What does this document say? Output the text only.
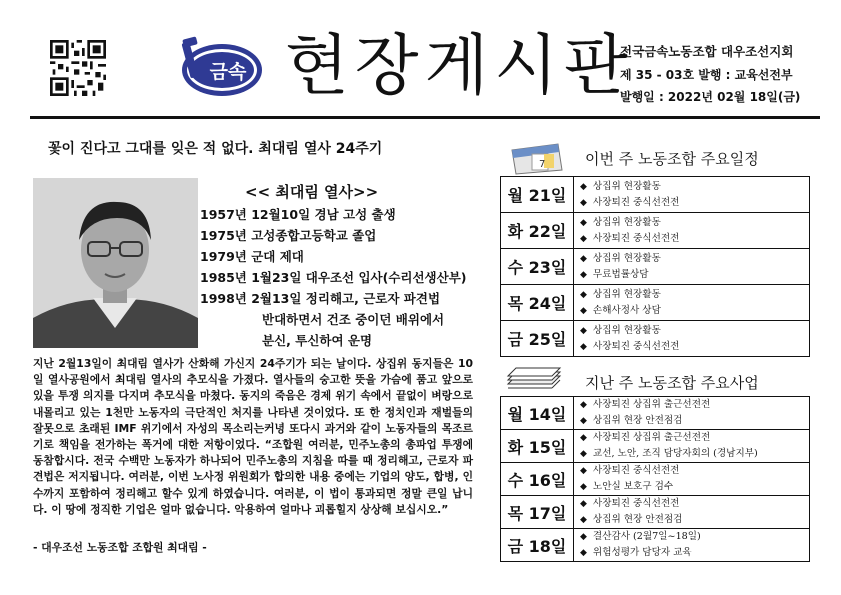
금속 현장게시판
전국금속노동조합 대우조선지회
제 35 - 03호 발행 : 교육선전부
발행일 : 2022년 02월 18일(금)
꽃이 진다고 그대를 잊은 적 없다. 최대림 열사 24주기
<< 최대림 열사>>
1957년 12월10일 경남 고성 출생
1975년 고성종합고등학교 졸업
1979년 군대 제대
1985년 1월23일 대우조선 입사(수리선생산부)
1998년 2월13일 정리해고, 근로자 파견법
반대하면서 건조 중이던 배위에서
분신, 투신하여 운명
지난 2월13일이 최대림 열사가 산화해 가신지 24주기가 되는 날이다. 상집위 동지들은 10일 열사공원에서 최대림 열사의 추모식을 가졌다. 열사들의 숭고한 뜻을 가슴에 품고 앞으로 있을 투쟁 의지를 다지며 추모식을 마쳤다. 동지의 죽음은 경제 위기 속에서 끝없이 벼랑으로 내몰리고 있는 1천만 노동자의 극단적인 처지를 나타낸 것이었다. 또 한 정치인과 재벌들의 잘못으로 초래된 IMF 위기에서 자성의 목소리는커녕 또다시 과거와 같이 노동자들의 목조르기로 책임을 전가하는 폭거에 대한 저항이었다. “조합원 여러분, 민주노총의 총파업 투쟁에 동참합시다. 전국 수백만 노동자가 하나되어 민주노총의 지침을 따를 때 정리해고, 근로자 파견법은 저지됩니다. 여러분, 이번 노사정 위원회가 합의한 내용 중에는 기업의 양도, 합병, 인수까지 포함하여 정리해고 할수 있게 하였습니다. 여러분, 이 법이 통과되면 정말 큰일 납니다. 이 땅에 정직한 기업은 얼마 없습니다. 악용하여 얼마나 괴롭힐지 상상해 보십시오.”
- 대우조선 노동조합 조합원 최대림 -
7	이번 주 노동조합 주요일정
월 21일	◆ 상집위 현장활동
◆ 사장퇴진 중식선전전

화 22일	◆ 상집위 현장활동
◆ 사장퇴진 중식선전전

수 23일	◆ 상집위 현장활동
◆ 무료법률상담

목 24일	◆ 상집위 현장활동
◆ 손해사정사 상담

금 25일	◆ 상집위 현장활동
◆ 사장퇴진 중식선전전
지난 주 노동조합 주요사업
월 14일	◆ 사장퇴진 상집위 출근선전전
◆ 상집위 현장 안전점검

화 15일	◆ 사장퇴진 상집위 출근선전전
◆ 교선, 노안, 조직 담당자회의 (경남지부)

수 16일	◆ 사장퇴진 중식선전전
◆ 노안실 보호구 검수

목 17일	◆ 사장퇴진 중식선전전
◆ 상집위 현장 안전점검

금 18일	◆ 결산감사 (2월7일~18일)
◆ 위험성평가 담당자 교육
